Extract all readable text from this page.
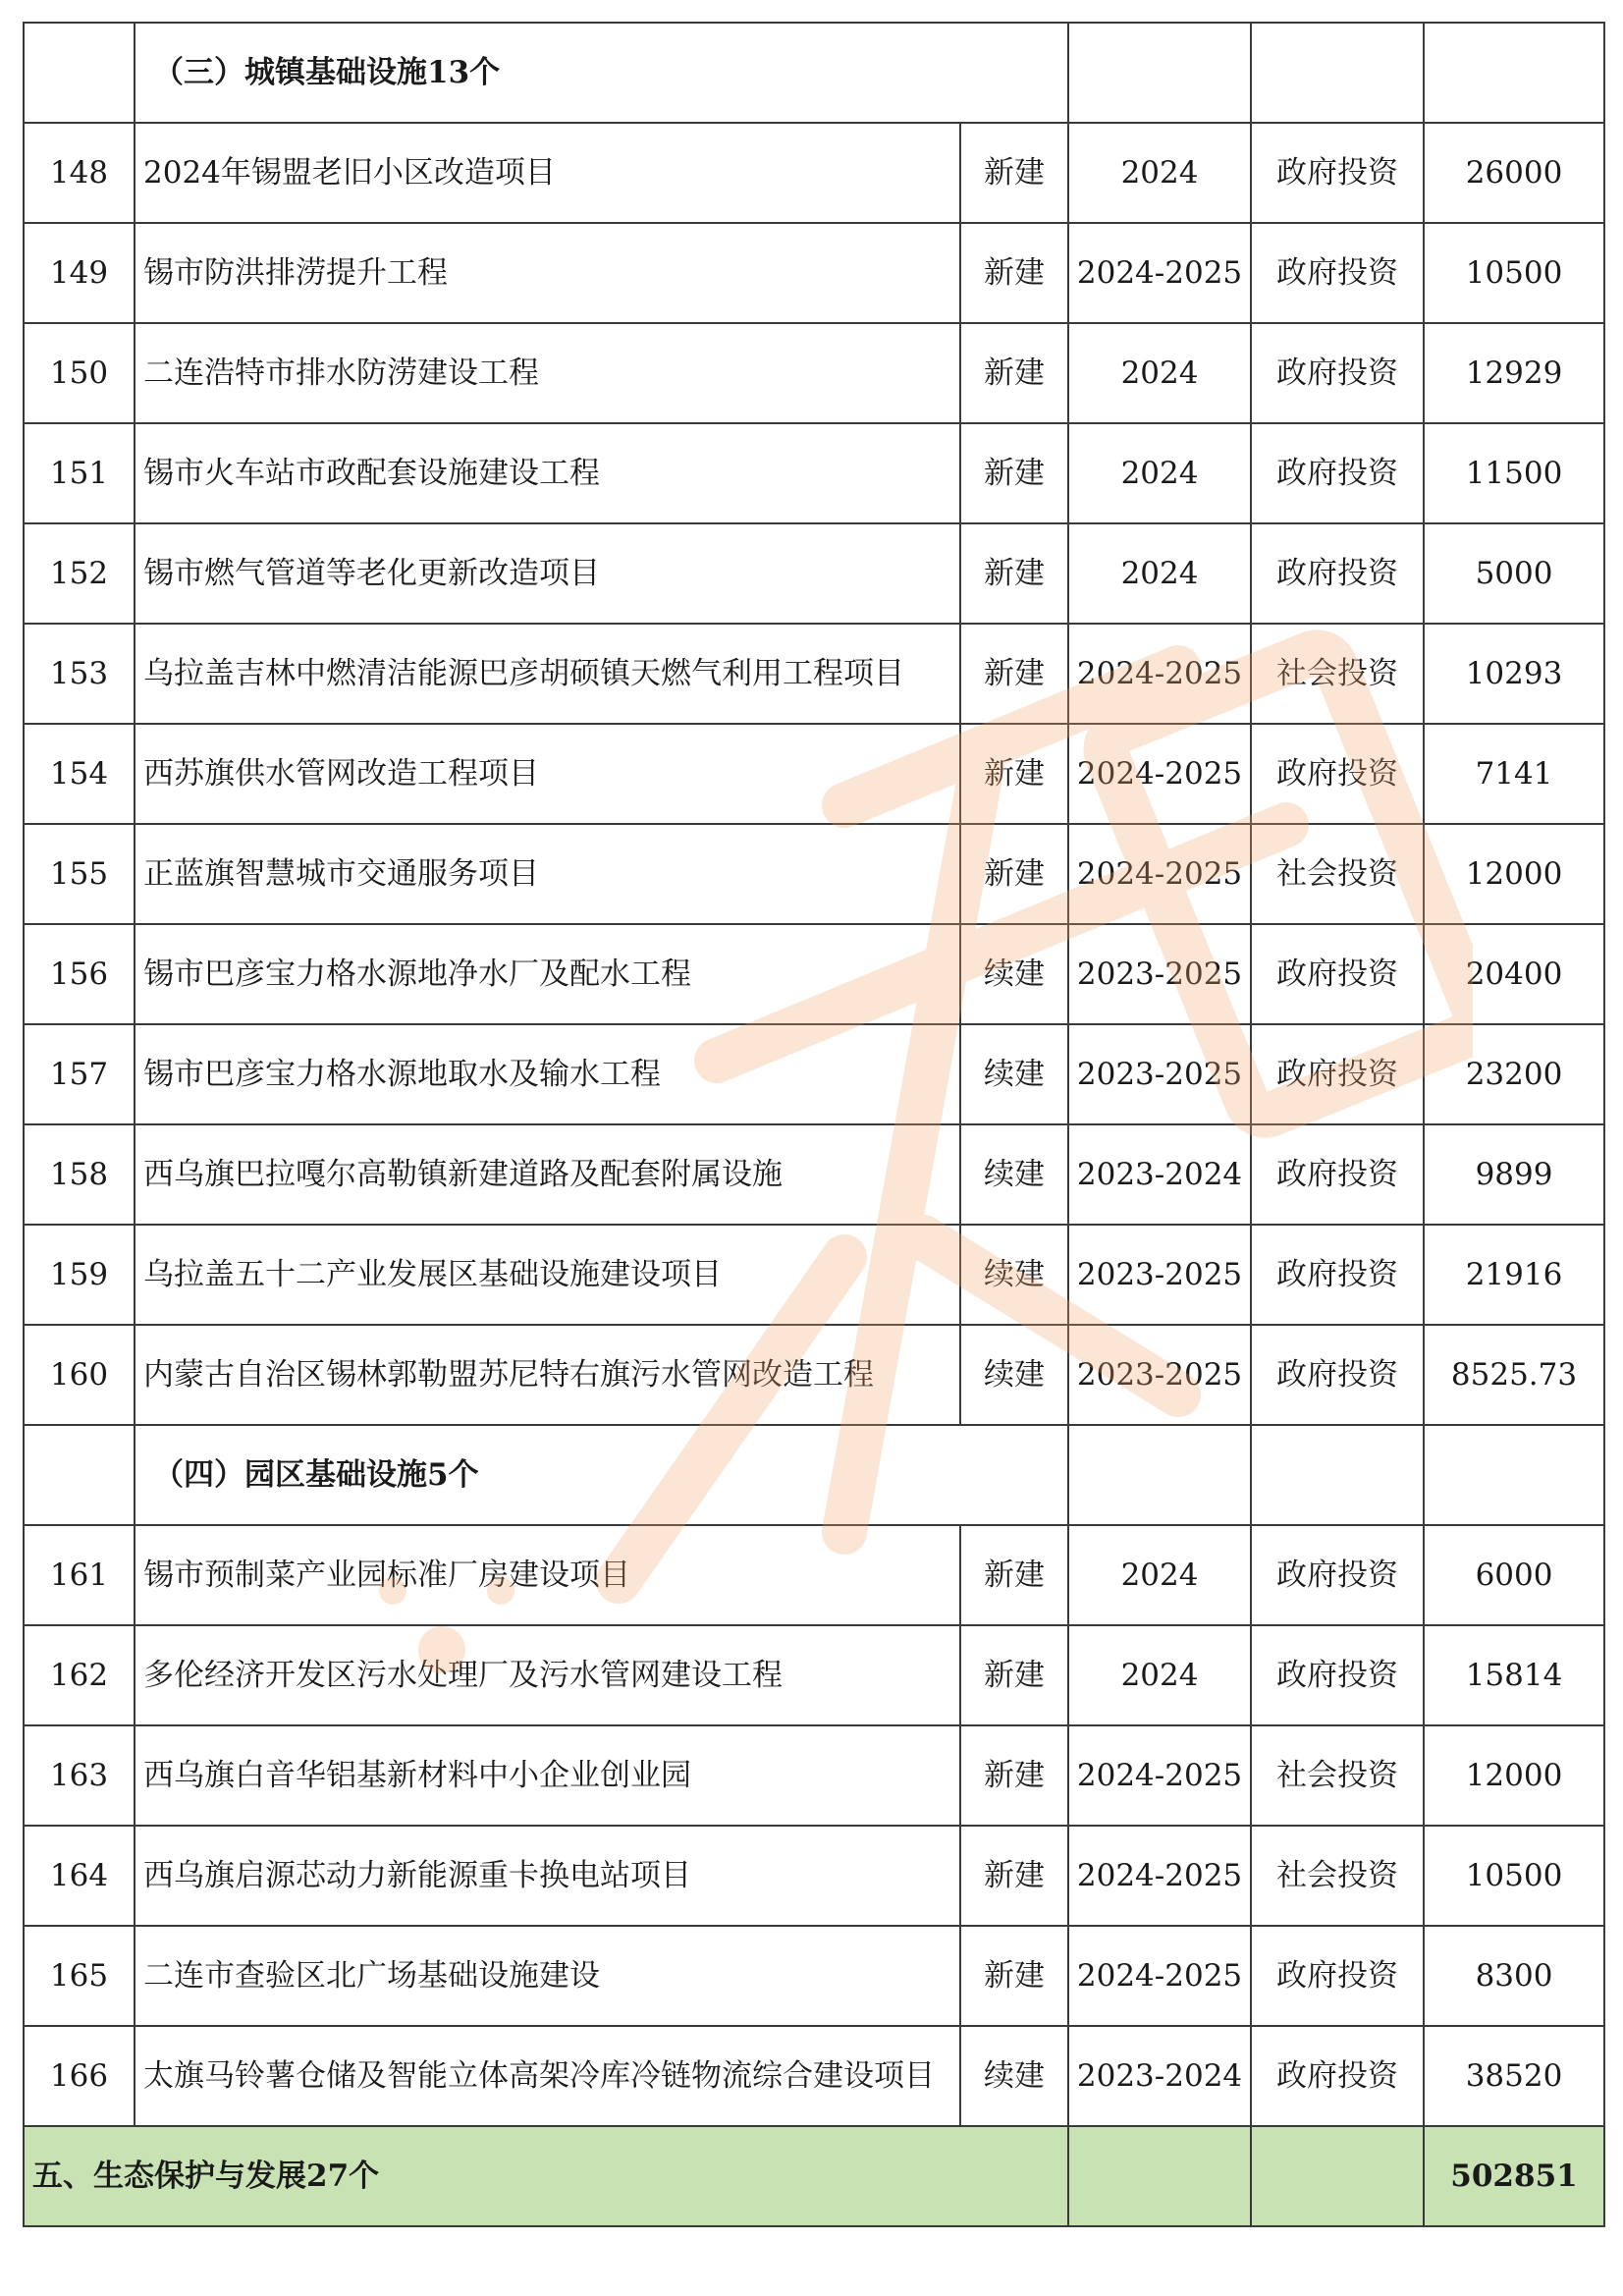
	（三）城镇基础设施13个				
148	2024年锡盟老旧小区改造项目	新建	2024	政府投资	26000
149	锡市防洪排涝提升工程	新建	2024-2025	政府投资	10500
150	二连浩特市排水防涝建设工程	新建	2024	政府投资	12929
151	锡市火车站市政配套设施建设工程	新建	2024	政府投资	11500
152	锡市燃气管道等老化更新改造项目	新建	2024	政府投资	5000
153	乌拉盖吉林中燃清洁能源巴彦胡硕镇天燃气利用工程项目	新建	2024-2025	社会投资	10293
154	西苏旗供水管网改造工程项目	新建	2024-2025	政府投资	7141
155	正蓝旗智慧城市交通服务项目	新建	2024-2025	社会投资	12000
156	锡市巴彦宝力格水源地净水厂及配水工程	续建	2023-2025	政府投资	20400
157	锡市巴彦宝力格水源地取水及输水工程	续建	2023-2025	政府投资	23200
158	西乌旗巴拉嘎尔高勒镇新建道路及配套附属设施	续建	2023-2024	政府投资	9899
159	乌拉盖五十二产业发展区基础设施建设项目	续建	2023-2025	政府投资	21916
160	内蒙古自治区锡林郭勒盟苏尼特右旗污水管网改造工程	续建	2023-2025	政府投资	8525.73
	（四）园区基础设施5个				
161	锡市预制菜产业园标准厂房建设项目	新建	2024	政府投资	6000
162	多伦经济开发区污水处理厂及污水管网建设工程	新建	2024	政府投资	15814
163	西乌旗白音华铝基新材料中小企业创业园	新建	2024-2025	社会投资	12000
164	西乌旗启源芯动力新能源重卡换电站项目	新建	2024-2025	社会投资	10500
165	二连市查验区北广场基础设施建设	新建	2024-2025	政府投资	8300
166	太旗马铃薯仓储及智能立体高架冷库冷链物流综合建设项目	续建	2023-2024	政府投资	38520
五、生态保护与发展27个					502851
